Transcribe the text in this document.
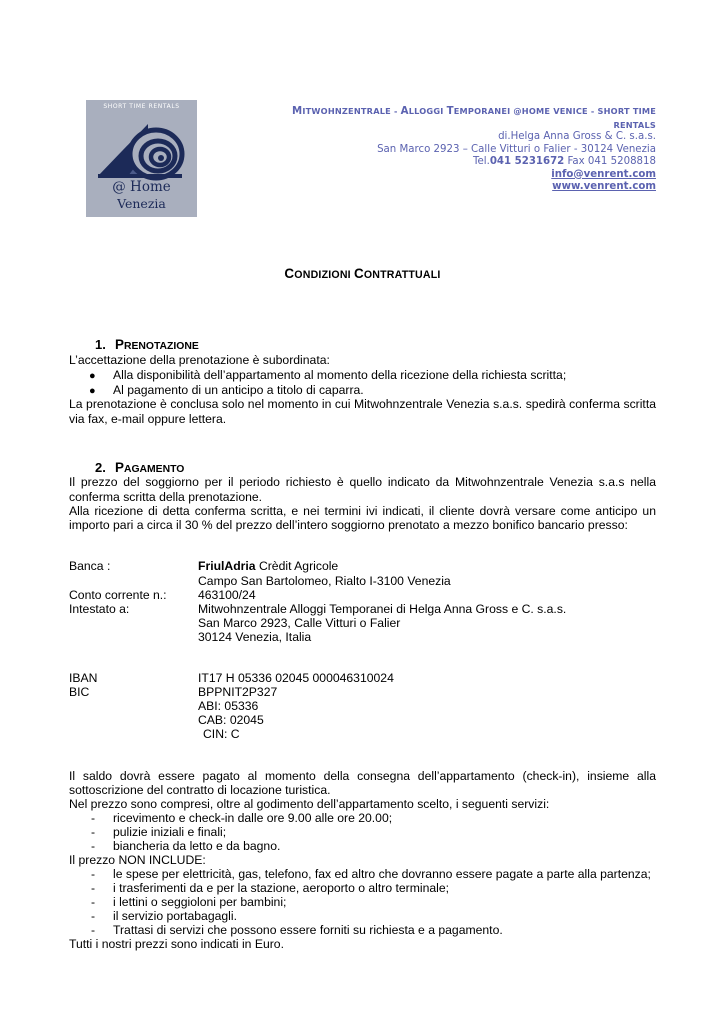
SHORT TIME RENTALS
@ Home
Venezia
MITWOHNZENTRALE - ALLOGGI TEMPORANEI @HOME VENICE - SHORT TIME RENTALS
di.Helga Anna Gross & C. s.a.s.
San Marco 2923 – Calle Vitturi o Falier - 30124 Venezia
Tel.041 5231672 Fax 041 5208818
info@venrent.com
www.venrent.com
CONDIZIONI CONTRATTUALI
1. PRENOTAZIONE
L’accettazione della prenotazione è subordinata:
● Alla disponibilità dell’appartamento al momento della ricezione della richiesta scritta;
● Al pagamento di un anticipo a titolo di caparra.
La prenotazione è conclusa solo nel momento in cui Mitwohnzentrale Venezia s.a.s. spedirà conferma scritta
via fax, e-mail oppure lettera.
2. PAGAMENTO
Il prezzo del soggiorno per il periodo richiesto è quello indicato da Mitwohnzentrale Venezia s.a.s nella
conferma scritta della prenotazione.
Alla ricezione di detta conferma scritta, e nei termini ivi indicati, il cliente dovrà versare come anticipo un
importo pari a circa il 30 % del prezzo dell’intero soggiorno prenotato a mezzo bonifico bancario presso:
Banca :	FriulAdria Crèdit Agricole
Campo San Bartolomeo, Rialto I-3100 Venezia
Conto corrente n.:	463100/24
Intestato a:	Mitwohnzentrale Alloggi Temporanei di Helga Anna Gross e C. s.a.s.
San Marco 2923, Calle Vitturi o Falier
30124 Venezia, Italia
IBAN	IT17 H 05336 02045 000046310024
BIC	BPPNIT2P327
ABI: 05336
CAB: 02045
CIN: C
Il saldo dovrà essere pagato al momento della consegna dell’appartamento (check-in), insieme alla
sottoscrizione del contratto di locazione turistica.
Nel prezzo sono compresi, oltre al godimento dell’appartamento scelto, i seguenti servizi:
- ricevimento e check-in dalle ore 9.00 alle ore 20.00;
- pulizie iniziali e finali;
- biancheria da letto e da bagno.
Il prezzo NON INCLUDE:
- le spese per elettricità, gas, telefono, fax ed altro che dovranno essere pagate a parte alla partenza;
- i trasferimenti da e per la stazione, aeroporto o altro terminale;
- i lettini o seggioloni per bambini;
- il servizio portabagagli.
- Trattasi di servizi che possono essere forniti su richiesta e a pagamento.
Tutti i nostri prezzi sono indicati in Euro.
